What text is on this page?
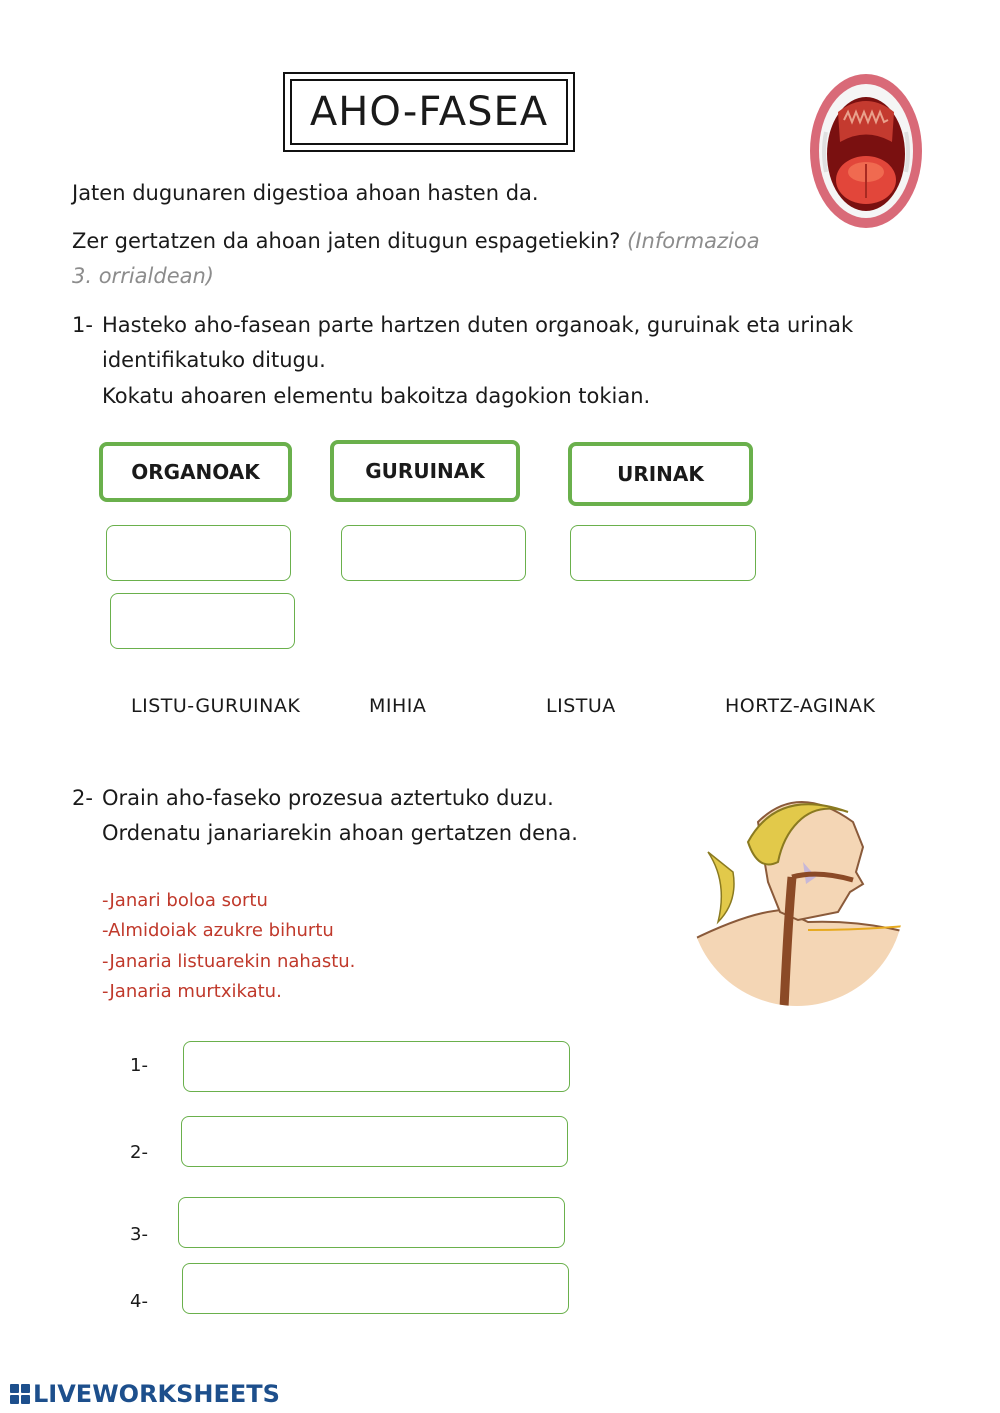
AHO-FASEA
Jaten dugunaren digestioa ahoan hasten da.
Zer gertatzen da ahoan jaten ditugun espagetiekin? (Informazioa
3. orrialdean)
1- Hasteko aho-fasean parte hartzen duten organoak, guruinak eta urinak
identifikatuko ditugu.
Kokatu ahoaren elementu bakoitza dagokion tokian.
ORGANOAK	GURUINAK	URINAK
LISTU-GURUINAK	MIHIA	LISTUA	HORTZ-AGINAK
2- Orain aho-faseko prozesua aztertuko duzu.
Ordenatu janariarekin ahoan gertatzen dena.
-Janari boloa sortu
-Almidoiak azukre bihurtu
-Janaria listuarekin nahastu.
-Janaria murtxikatu.
1-
2-
3-
4-
LIVEWORKSHEETS
